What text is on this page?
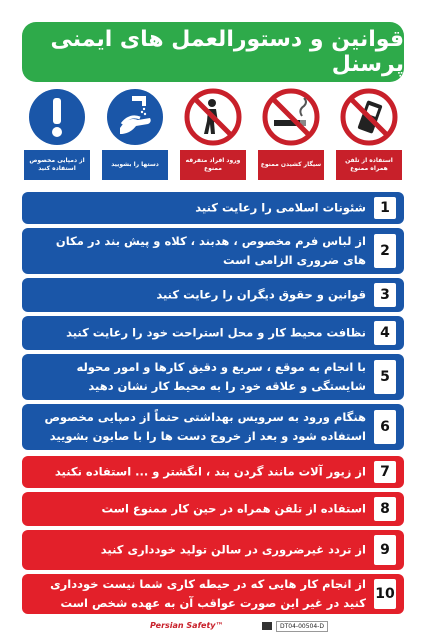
قوانین و دستورالعمل های ایمنی پرسنل
از دمپایی مخصوص استفاده کنید
دستها را بشویید
ورود افراد متفرقه ممنوع
سیگار کشیدن ممنوع
استفاده از تلفن همراه ممنوع
1
شئونات اسلامی را رعایت کنید
2
از لباس فرم مخصوص ، هدبند ، کلاه و پیش بند در مکان های ضروری الزامی است
3
قوانین و حقوق دیگران را رعایت کنید
4
نظافت محیط کار و محل استراحت خود را رعایت کنید
5
با انجام به موقع ، سریع و دقیق کارها و امور محوله شایستگی و علاقه خود را به محیط کار نشان دهید
6
هنگام ورود به سرویس بهداشتی حتماً از دمپایی مخصوص استفاده شود و بعد از خروج دست ها را با صابون بشویید
7
از زیور آلات مانند گردن بند ، انگشتر و ... استفاده نکنید
8
استفاده از تلفن همراه در حین کار ممنوع است
9
از تردد غیرضروری در سالن تولید خودداری کنید
10
از انجام کار هایی که در حیطه کاری شما نیست خودداری کنید در غیر این صورت عواقب آن به عهده شخص است
Persian Safety™	DT04-00504-D
